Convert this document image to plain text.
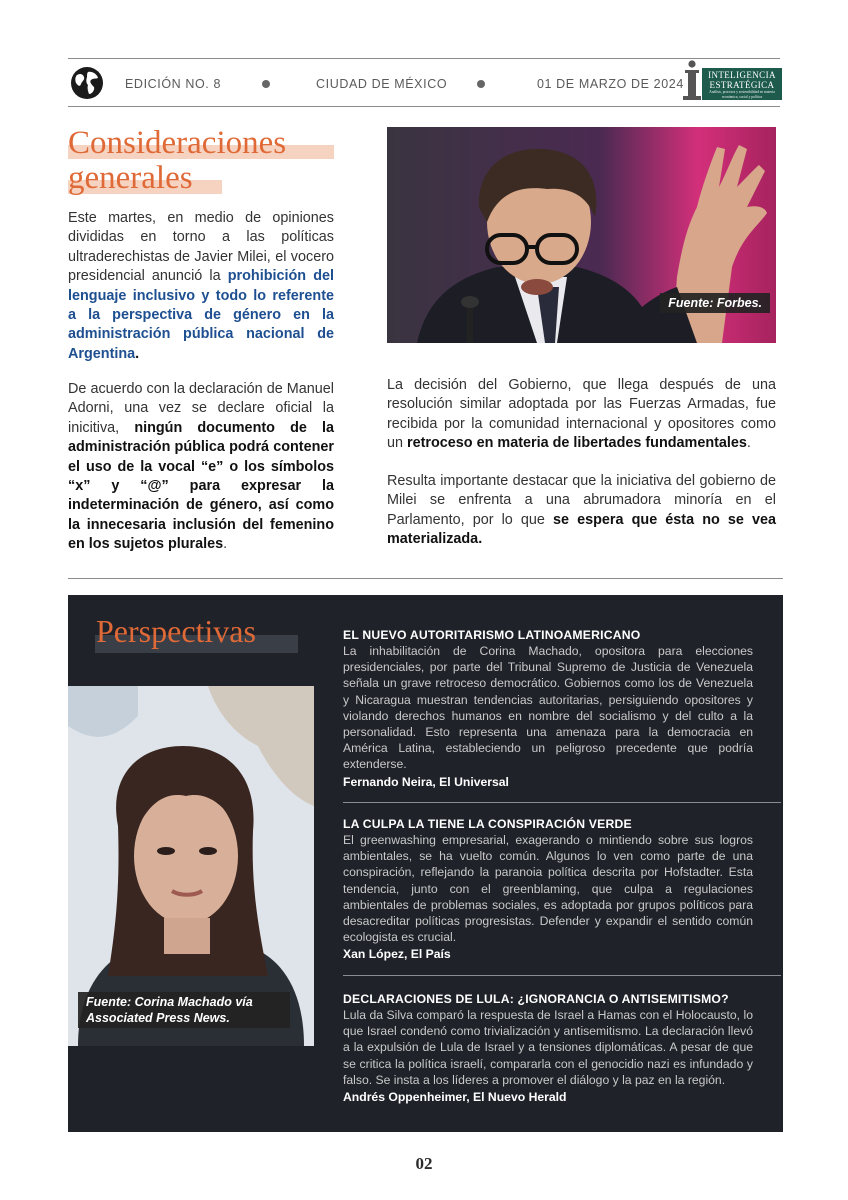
EDICIÓN NO. 8	CIUDAD DE MÉXICO	01 DE MARZO DE 2024
INTELIGENCIA
ESTRATÉGICA
Análisis, procesos y sostenibilidad en materia económica, social y política
Consideraciones
generales

Este martes, en medio de opiniones divididas en torno a las políticas ultraderechistas de Javier Milei, el vocero presidencial anunció la prohibición del lenguaje inclusivo y todo lo referente a la perspectiva de género en la administración pública nacional de Argentina.

De acuerdo con la declaración de Manuel Adorni, una vez se declare oficial la inicitiva, ningún documento de la administración pública podrá contener el uso de la vocal “e” o los símbolos “x” y “@” para expresar la indeterminación de género, así como la innecesaria inclusión del femenino en los sujetos plurales.

Fuente: Forbes.

La decisión del Gobierno, que llega después de una resolución similar adoptada por las Fuerzas Armadas, fue recibida por la comunidad internacional y opositores como un retroceso en materia de libertades fundamentales.

Resulta importante destacar que la iniciativa del gobierno de Milei se enfrenta a una abrumadora minoría en el Parlamento, por lo que se espera que ésta no se vea materializada.

Perspectivas
Fuente: Corina Machado vía
Associated Press News.
EL NUEVO AUTORITARISMO LATINOAMERICANO
La inhabilitación de Corina Machado, opositora para elecciones presidenciales, por parte del Tribunal Supremo de Justicia de Venezuela señala un grave retroceso democrático. Gobiernos como los de Venezuela y Nicaragua muestran tendencias autoritarias, persiguiendo opositores y violando derechos humanos en nombre del socialismo y del culto a la personalidad. Esto representa una amenaza para la democracia en América Latina, estableciendo un peligroso precedente que podría extenderse.
Fernando Neira, El Universal
LA CULPA LA TIENE LA CONSPIRACIÓN VERDE
El greenwashing empresarial, exagerando o mintiendo sobre sus logros ambientales, se ha vuelto común. Algunos lo ven como parte de una conspiración, reflejando la paranoia política descrita por Hofstadter. Esta tendencia, junto con el greenblaming, que culpa a regulaciones ambientales de problemas sociales, es adoptada por grupos políticos para desacreditar políticas progresistas. Defender y expandir el sentido común ecologista es crucial.
Xan López, El País
DECLARACIONES DE LULA: ¿IGNORANCIA O ANTISEMITISMO?
Lula da Silva comparó la respuesta de Israel a Hamas con el Holocausto, lo que Israel condenó como trivialización y antisemitismo. La declaración llevó a la expulsión de Lula de Israel y a tensiones diplomáticas. A pesar de que se critica la política israelí, compararla con el genocidio nazi es infundado y falso. Se insta a los líderes a promover el diálogo y la paz en la región.
Andrés Oppenheimer, El Nuevo Herald
02
